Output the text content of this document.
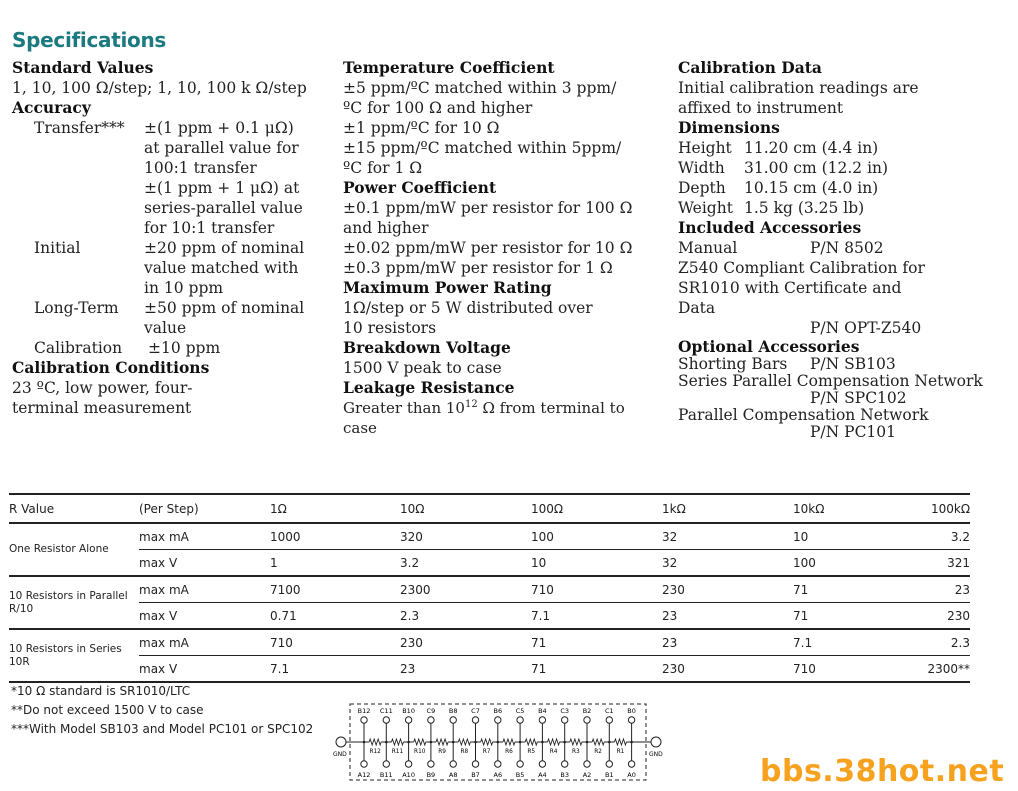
Specifications
Standard Values
1, 10, 100 Ω/step; 1, 10, 100 k Ω/step
Accuracy
Transfer***	±(1 ppm + 0.1 μΩ) at parallel value for 100:1 transfer
±(1 ppm + 1 μΩ) at series-parallel value for 10:1 transfer
Initial	±20 ppm of nominal value matched with in 10 ppm
Long-Term	±50 ppm of nominal value
Calibration	±10 ppm
Calibration Conditions
23 ºC, low power, four-terminal measurement
Temperature Coefficient
±5 ppm/ºC matched within 3 ppm/ºC for 100 Ω and higher
±1 ppm/ºC for 10 Ω
±15 ppm/ºC matched within 5ppm/ºC for 1 Ω
Power Coefficient
±0.1 ppm/mW per resistor for 100 Ω and higher
±0.02 ppm/mW per resistor for 10 Ω
±0.3 ppm/mW per resistor for 1 Ω
Maximum Power Rating
1Ω/step or 5 W distributed over 10 resistors
Breakdown Voltage
1500 V peak to case
Leakage Resistance
Greater than $10^{12}$ Ω from terminal to case
Calibration Data
Initial calibration readings are affixed to instrument
Dimensions
Height 11.20 cm (4.4 in)
Width	31.00 cm (12.2 in)
Depth	10.15 cm (4.0 in)
Weight 1.5 kg (3.25 lb)
Included Accessories
Manual	P/N 8502
Z540 Compliant Calibration for SR1010 with Certificate and Data
P/N OPT-Z540
Optional Accessories
Shorting Bars	P/N SB103
Series Parallel Compensation Network
P/N SPC102
Parallel Compensation Network
P/N PC101
R Value	(Per Step)	1Ω	10Ω	100Ω	1kΩ	10kΩ	100kΩ
One Resistor Alone	max mA	1000	320	100	32	10	3.2
	max V	1	3.2	10	32	100	321
10 Resistors in Parallel R/10	max mA	7100	2300	710	230	71	23
	max V	0.71	2.3	7.1	23	71	230
10 Resistors in Series 10R	max mA	710	230	71	23	7.1	2.3
	max V	7.1	23	71	230	710	2300**
*10 Ω standard is SR1010/LTC
**Do not exceed 1500 V to case
***With Model SB103 and Model PC101 or SPC102
B12 C11 B10 C9 B8 C7 B6 C5 B4 C3 B2 C1 B0
A12 B11 A10 B9 A8 B7 A6 B5 A4 B3 A2 B1 A0
R12 R11 R10 R9	R8	R7	R6	R5	R4	R3	R2	R1
GND	GND	bbs.38hot.net
